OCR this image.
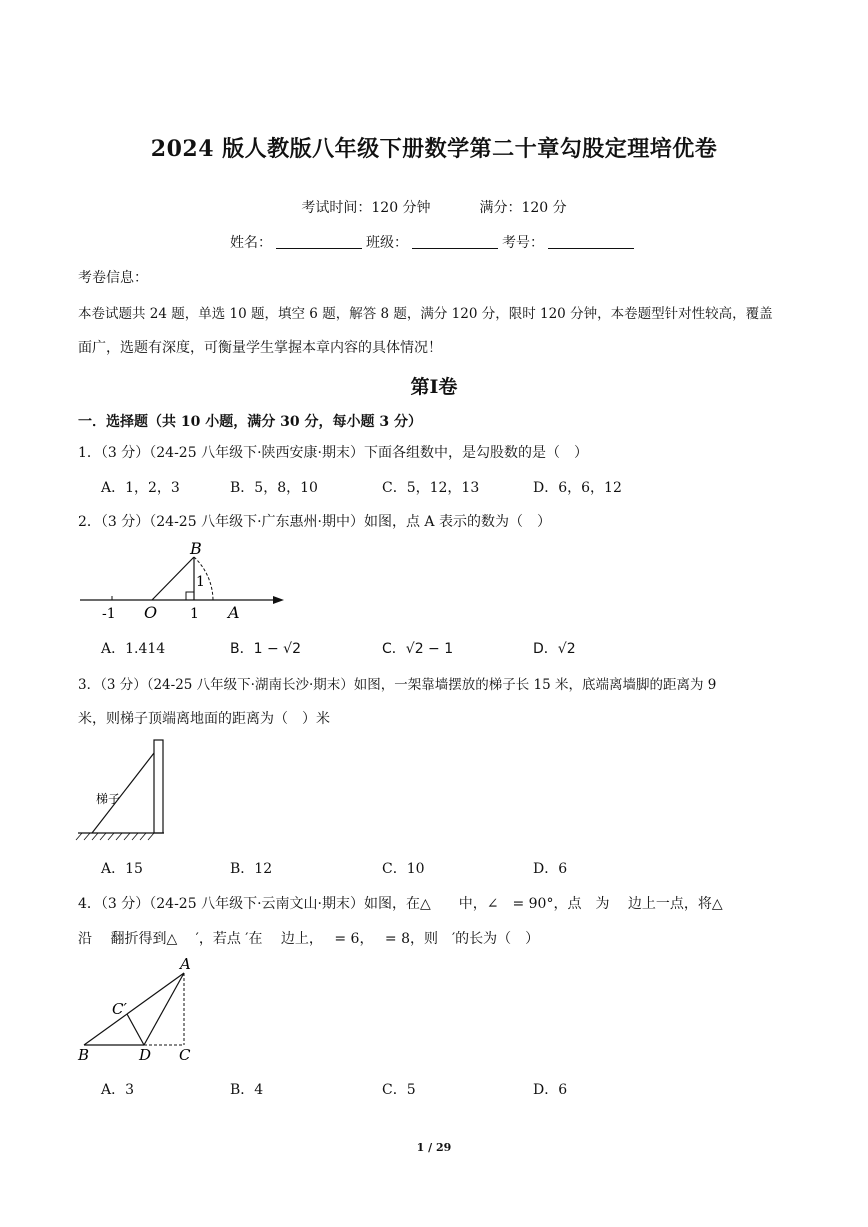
2024 版人教版八年级下册数学第二十章勾股定理培优卷
考试时间：120 分钟	满分：120 分
姓名：	班级：	考号：
考卷信息：
本卷试题共 24 题，单选 10 题，填空 6 题，解答 8 题，满分 120 分，限时 120 分钟，本卷题型针对性较高，覆盖
面广，选题有深度，可衡量学生掌握本章内容的具体情况！
第Ⅰ卷
一．选择题（共 10 小题，满分 30 分，每小题 3 分）
1．（3 分）（24-25 八年级下·陕西安康·期末）下面各组数中，是勾股数的是（　）
A．1，2，3	B．5，8，10	C．5，12，13	D．6，6，12
2．（3 分）（24-25 八年级下·广东惠州·期中）如图，点 A 表示的数为（　）
B
1
-1 O 1 A
A．1.414	B．1 − √2	C．√2 − 1	D．√2
3．（3 分）（24-25 八年级下·湖南长沙·期末）如图，一架靠墙摆放的梯子长 15 米，底端离墙脚的距离为 9
米，则梯子顶端离地面的距离为（　）米
梯子
A．15	B．12	C．10	D．6
4．（3 分）（24-25 八年级下·云南文山·期末）如图，在△　　中，∠　= 90°，点　为　 边上一点，将△
沿　 翻折得到△　 ′，若点 ′在　 边上，　 = 6，　 = 8，则　′的长为（　）
A
C′
B	D C
A．3	B．4	C．5	D．6
1 / 29
